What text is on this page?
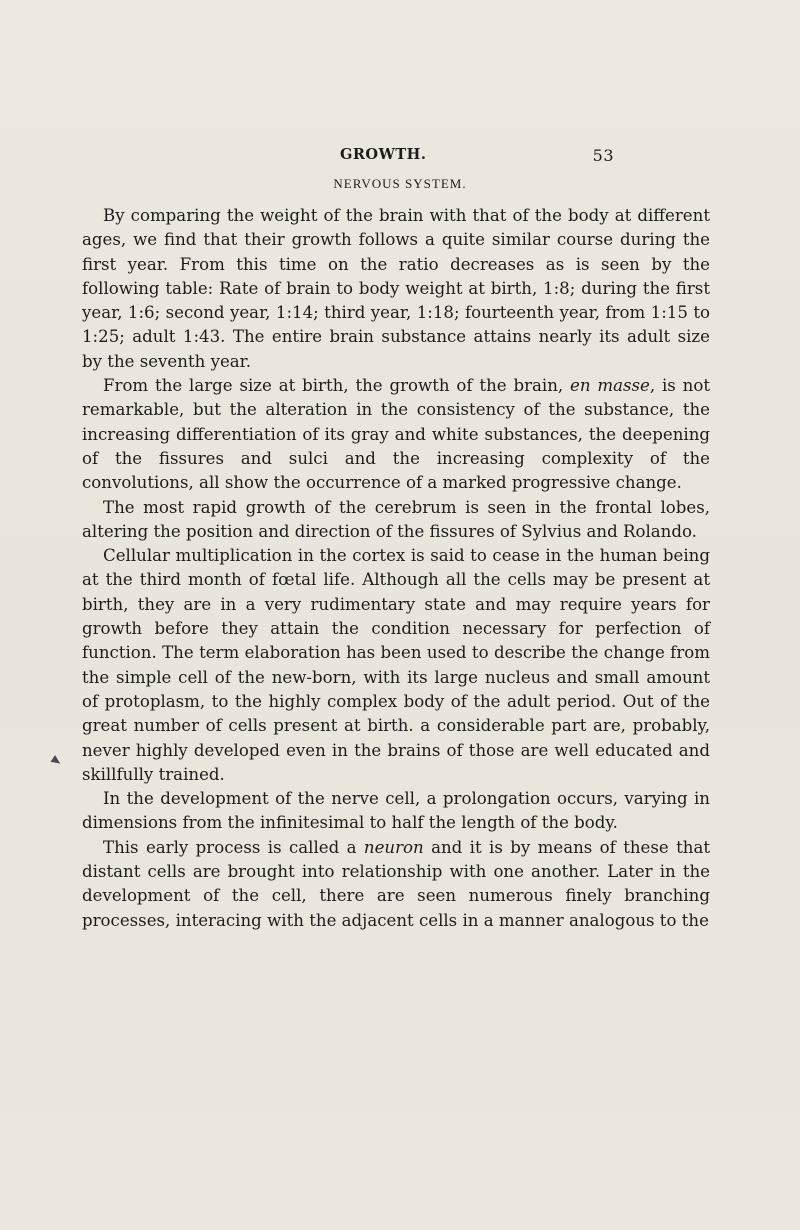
GROWTH.	53
NERVOUS SYSTEM.

By comparing the weight of the brain with that of the body at different ages, we find that their growth follows a quite similar course during the first year. From this time on the ratio decreases as is seen by the following table: Rate of brain to body weight at birth, 1:8; during the first year, 1:6; second year, 1:14; third year, 1:18; fourteenth year, from 1:15 to 1:25; adult 1:43. The entire brain substance attains nearly its adult size by the seventh year.

From the large size at birth, the growth of the brain, en masse, is not remarkable, but the alteration in the consistency of the substance, the increasing differentiation of its gray and white substances, the deepening of the fissures and sulci and the increasing complexity of the convolutions, all show the occurrence of a marked progressive change.

The most rapid growth of the cerebrum is seen in the frontal lobes, altering the position and direction of the fissures of Sylvius and Rolando.

Cellular multiplication in the cortex is said to cease in the human being at the third month of fœtal life. Although all the cells may be present at birth, they are in a very rudimentary state and may require years for growth before they attain the condition necessary for perfection of function. The term elaboration has been used to describe the change from the simple cell of the new-born, with its large nucleus and small amount of protoplasm, to the highly complex body of the adult period. Out of the great number of cells present at birth. a considerable part are, probably, never highly developed even in the brains of those are well educated and skillfully trained.

In the development of the nerve cell, a prolongation occurs, varying in dimensions from the infinitesimal to half the length of the body.

This early process is called a neuron and it is by means of these that distant cells are brought into relationship with one another. Later in the development of the cell, there are seen numerous finely branching processes, interacing with the adjacent cells in a manner analogous to the
